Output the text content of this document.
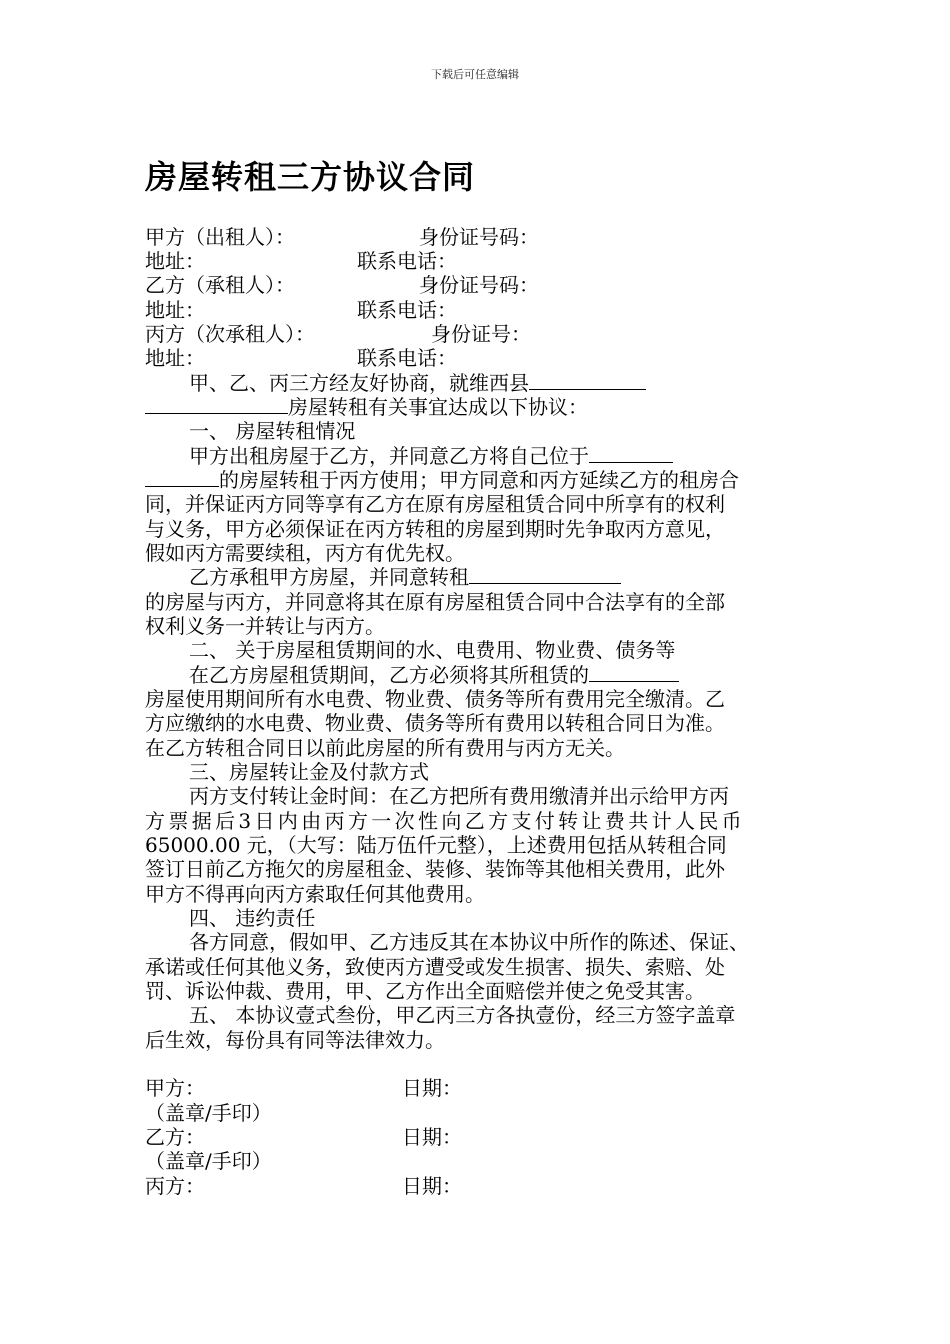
下载后可任意编辑
房屋转租三方协议合同
甲方（出租人）：	身份证号码：
地址：	联系电话：
乙方（承租人）：	身份证号码：
地址：	联系电话：
丙方（次承租人）：	身份证号：
地址：	联系电话：
甲、乙、丙三方经友好协商，就维西县
房屋转租有关事宜达成以下协议：
一、 房屋转租情况
甲方出租房屋于乙方，并同意乙方将自己位于
的房屋转租于丙方使用；甲方同意和丙方延续乙方的租房合
同，并保证丙方同等享有乙方在原有房屋租赁合同中所享有的权利
与义务，甲方必须保证在丙方转租的房屋到期时先争取丙方意见，
假如丙方需要续租，丙方有优先权。
乙方承租甲方房屋，并同意转租
的房屋与丙方，并同意将其在原有房屋租赁合同中合法享有的全部
权利义务一并转让与丙方。
二、 关于房屋租赁期间的水、电费用、物业费、债务等
在乙方房屋租赁期间，乙方必须将其所租赁的
房屋使用期间所有水电费、物业费、债务等所有费用完全缴清。乙
方应缴纳的水电费、物业费、债务等所有费用以转租合同日为准。
在乙方转租合同日以前此房屋的所有费用与丙方无关。
三、房屋转让金及付款方式
丙方支付转让金时间：在乙方把所有费用缴清并出示给甲方丙
方 票 据 后 3 日 内 由 丙 方 一 次 性 向 乙 方 支 付 转 让 费 共 计 人 民 币
65000.00 元，（大写：陆万伍仟元整），上述费用包括从转租合同
签订日前乙方拖欠的房屋租金、装修、装饰等其他相关费用，此外
甲方不得再向丙方索取任何其他费用。
四、 违约责任
各方同意，假如甲、乙方违反其在本协议中所作的陈述、保证、
承诺或任何其他义务，致使丙方遭受或发生损害、损失、索赔、处
罚、诉讼仲裁、费用，甲、乙方作出全面赔偿并使之免受其害。
五、 本协议壹式叁份，甲乙丙三方各执壹份，经三方签字盖章
后生效，每份具有同等法律效力。
甲方：	日期：
（盖章/手印）
乙方：	日期：
（盖章/手印）
丙方：	日期：
